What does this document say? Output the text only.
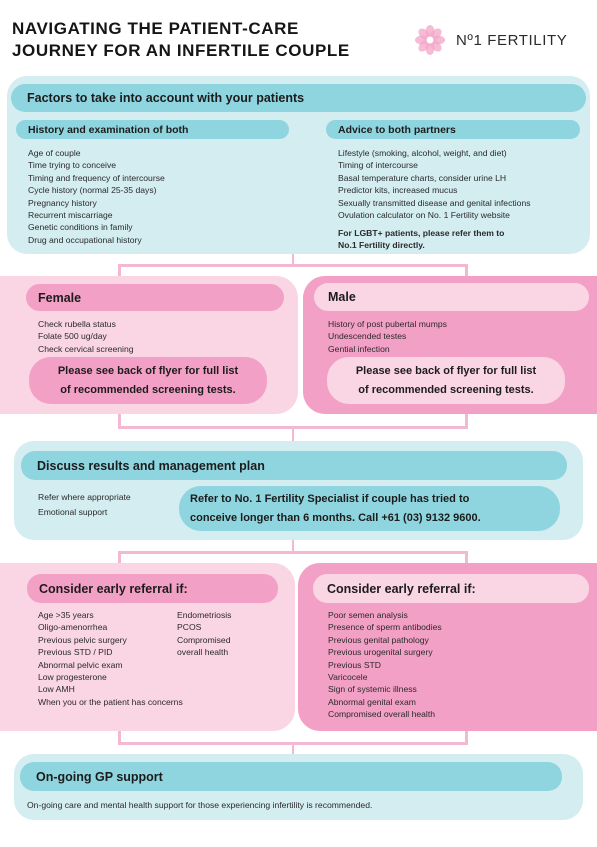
NAVIGATING THE PATIENT-CARE
JOURNEY FOR AN INFERTILE COUPLE
Nº1 FERTILITY
Factors to take into account with your patients
History and examination of both
Age of couple
Time trying to conceive
Timing and frequency of intercourse
Cycle history (normal 25-35 days)
Pregnancy history
Recurrent miscarriage
Genetic conditions in family
Drug and occupational history
Advice to both partners
Lifestyle (smoking, alcohol, weight, and diet)
Timing of intercourse
Basal temperature charts, consider urine LH
Predictor kits, increased mucus
Sexually transmitted disease and genital infections
Ovulation calculator on No. 1 Fertility website
For LGBT+ patients, please refer them to
No.1 Fertility directly.
Female
Check rubella status
Folate 500 ug/day
Check cervical screening
Please see back of flyer for full list
of recommended screening tests.
Male
History of post pubertal mumps
Undescended testes
Gential infection
Please see back of flyer for full list
of recommended screening tests.
Discuss results and management plan
Refer where appropriate
Emotional support
Refer to No. 1 Fertility Specialist if couple has tried to
conceive longer than 6 months. Call +61 (03) 9132 9600.
Consider early referral if:
Age >35 years
Oligo-amenorrhea
Previous pelvic surgery
Previous STD / PID
Abnormal pelvic exam
Low progesterone
Low AMH
When you or the patient has concerns
Endometriosis
PCOS
Compromised
overall health
Consider early referral if:
Poor semen analysis
Presence of sperm antibodies
Previous genital pathology
Previous urogenital surgery
Previous STD
Varicocele
Sign of systemic illness
Abnormal genital exam
Compromised overall health
On-going GP support
On-going care and mental health support for those experiencing infertility is recommended.
